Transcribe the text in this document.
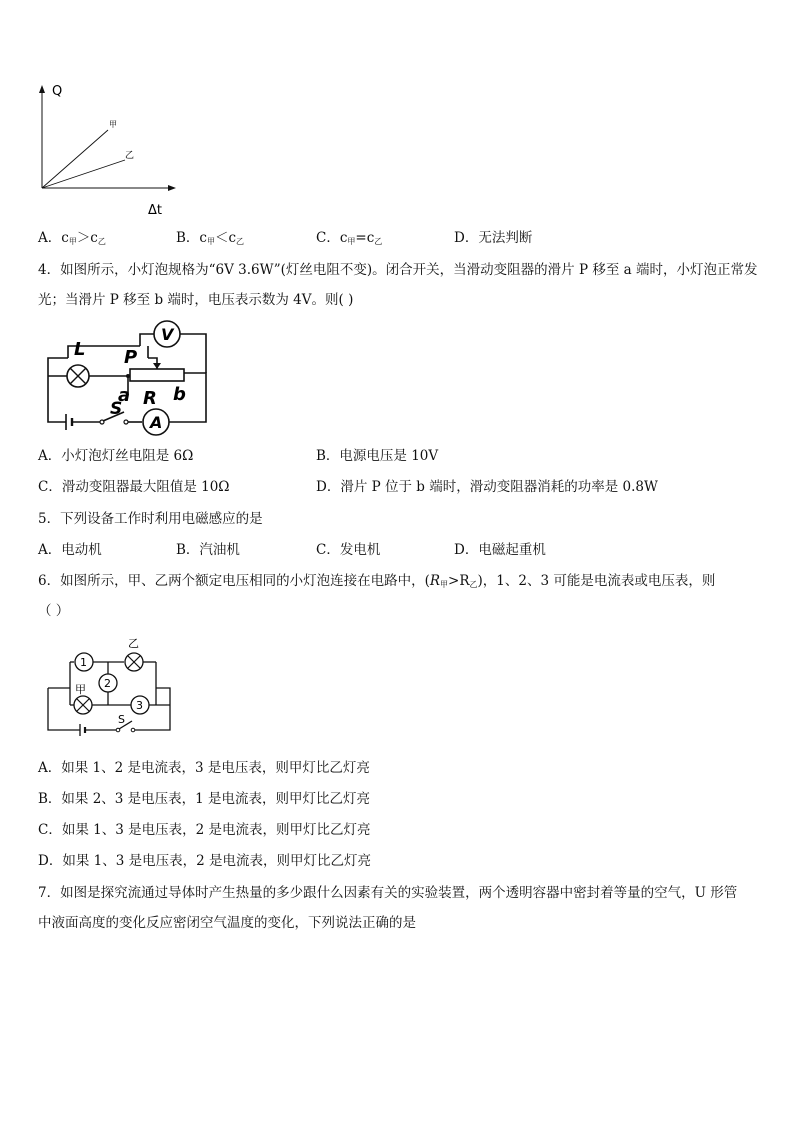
Q
Δt
甲
乙
A．$c_甲>c_乙$	B．$c_甲<c_乙$	C．$c_甲=c_乙$	D．无法判断
4．如图所示，小灯泡规格为“6V 3.6W”(灯丝电阻不变)。闭合开关，当滑动变阻器的滑片 P 移至 a 端时，小灯泡正常发
光；当滑片 P 移至 b 端时，电压表示数为 4V。则( )
V
A
L P
R
a b
S
A．小灯泡灯丝电阻是 6Ω	B．电源电压是 10V
C．滑动变阻器最大阻值是 10Ω	D．滑片 P 位于 b 端时，滑动变阻器消耗的功率是 0.8W
5．下列设备工作时利用电磁感应的是
A．电动机	B．汽油机	C．发电机	D．电磁起重机
6．如图所示，甲、乙两个额定电压相同的小灯泡连接在电路中，$(R_甲>R_乙)$，1、2、3 可能是电流表或电压表，则
（ ）
1
2
3
乙
甲
S
A．如果 1、2 是电流表，3 是电压表，则甲灯比乙灯亮
B．如果 2、3 是电压表，1 是电流表，则甲灯比乙灯亮
C．如果 1、3 是电压表，2 是电流表，则甲灯比乙灯亮
D．如果 1、3 是电压表，2 是电流表，则甲灯比乙灯亮
7．如图是探究流通过导体时产生热量的多少跟什么因素有关的实验装置，两个透明容器中密封着等量的空气，U 形管
中液面高度的变化反应密闭空气温度的变化，下列说法正确的是
